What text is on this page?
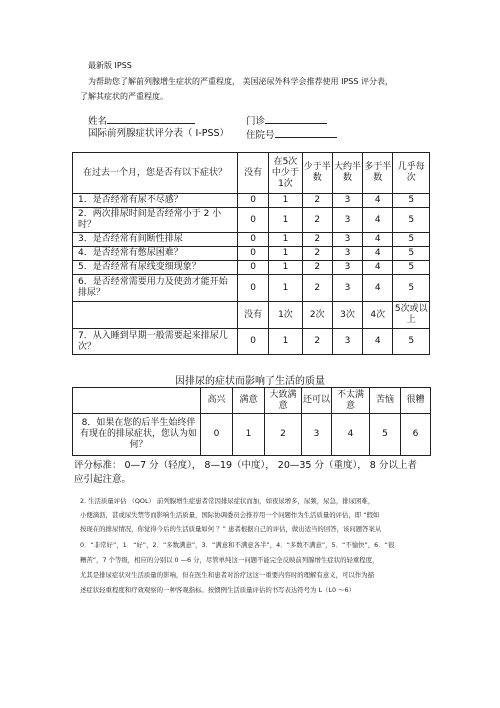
最新版 IPSS
为帮助您了解前列腺增生症状的严重程度， 美国泌尿外科学会推荐使用 IPSS 评分表，
了解其症状的严重程度。
姓名	门诊
国际前列腺症状评分表（ I-PSS） 住院号
在过去一个月，您是否有以下症状？	没有	在5次中少于1次	少于半数	大约半数	多于半数	几乎每次
1．是否经常有尿不尽感？	0	1	2	3	4	5
2．两次排尿时间是否经常小于 2 小时？	0	1	2	3	4	5
3．是否经常有间断性排尿	0	1	2	3	4	5
4．是否经常有憋尿困难？	0	1	2	3	4	5
5．是否经常有尿线变细现象？	0	1	2	3	4	5
6．是否经常需要用力及使劲才能开始排尿？	0	1	2	3	4	5
	没有	1次	2次	3次	4次	5次或以上
7．从入睡到早期一般需要起来排尿几次？	0	1	2	3	4	5
因排尿的症状而影响了生活的质量
	高兴	满意	大致满意	还可以	不太满意	苦恼	很糟
8．如果在您的后半生始终伴有现在的排尿症状，您认为如何？	0	1	2	3	4	5	6
评分标准： 0—7 分（轻度）， 8—19（中度）， 20—35 分（重度）， 8 分以上者
应引起注意。
2. 生活质量评估 （QOL） 前列腺增生症患者常因排尿症状而加，如夜尿增多，尿频，尿急，排尿困难，
小便滴沥，甚或尿失禁等而影响生活质量，国际协调委员会推荐用一个问题作为生活质量的评估，即 “假如
按现在的排尿情况，你觉得今后的生活质量如何 ？” 患者根据自己的评估，做出适当的回答，该问题答案从
0．“非常好”，1．“好”，2．“多数满意”，3．“满意和不满意各半”，4．“多数不满意”，5．“不愉快”，6．“很
糟苦”，7 个等级，相应的分别以 0 —6 分，尽管单纯这一问题不能完全反映前列腺增生症状的轻重程度，
尤其是排尿症状对生活质量的影响，但在医生和患者对治疗这这一重要内容时的理解有意义，可以作为描
述症状轻重程度和疗效观察的一种客观指标。按惯例生活质量评估的书写表达符号为 L（L0 ～6）
